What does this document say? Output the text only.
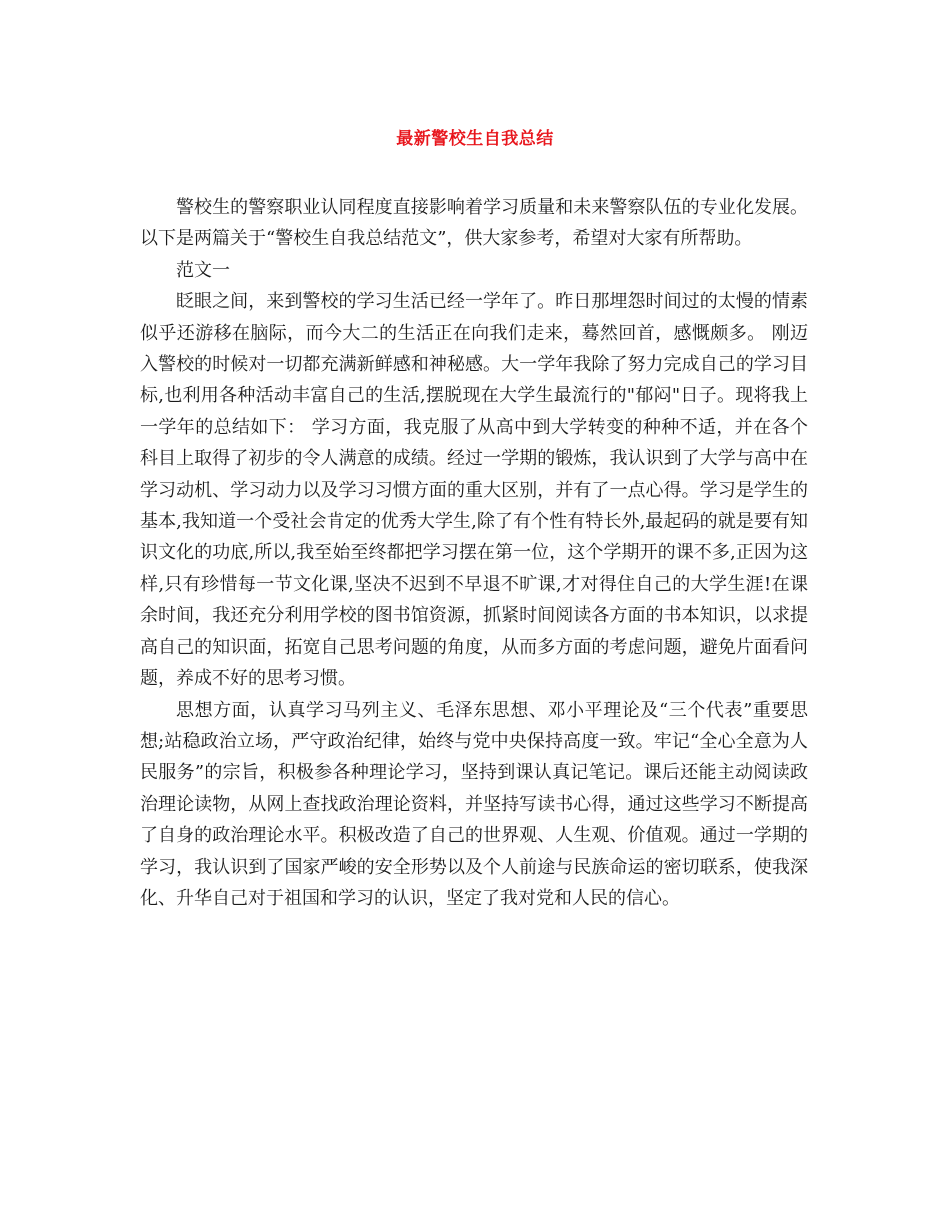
最新警校生自我总结

警校生的警察职业认同程度直接影响着学习质量和未来警察队伍的专业化发展。以下是两篇关于“警校生自我总结范文”，供大家参考，希望对大家有所帮助。

范文一

眨眼之间，来到警校的学习生活已经一学年了。昨日那埋怨时间过的太慢的情素似乎还游移在脑际，而今大二的生活正在向我们走来，蓦然回首，感慨颇多。 刚迈入警校的时候对一切都充满新鲜感和神秘感。大一学年我除了努力完成自己的学习目标,也利用各种活动丰富自己的生活,摆脱现在大学生最流行的"郁闷"日子。现将我上一学年的总结如下： 学习方面，我克服了从高中到大学转变的种种不适，并在各个科目上取得了初步的令人满意的成绩。经过一学期的锻炼，我认识到了大学与高中在学习动机、学习动力以及学习习惯方面的重大区别，并有了一点心得。学习是学生的基本,我知道一个受社会肯定的优秀大学生,除了有个性有特长外,最起码的就是要有知识文化的功底,所以,我至始至终都把学习摆在第一位，这个学期开的课不多,正因为这样,只有珍惜每一节文化课,坚决不迟到不早退不旷课,才对得住自己的大学生涯!在课余时间，我还充分利用学校的图书馆资源，抓紧时间阅读各方面的书本知识，以求提高自己的知识面，拓宽自己思考问题的角度，从而多方面的考虑问题，避免片面看问题，养成不好的思考习惯。

思想方面，认真学习马列主义、毛泽东思想、邓小平理论及“三个代表”重要思想;站稳政治立场，严守政治纪律，始终与党中央保持高度一致。牢记“全心全意为人民服务”的宗旨，积极参各种理论学习，坚持到课认真记笔记。课后还能主动阅读政治理论读物，从网上查找政治理论资料，并坚持写读书心得，通过这些学习不断提高了自身的政治理论水平。积极改造了自己的世界观、人生观、价值观。通过一学期的学习，我认识到了国家严峻的安全形势以及个人前途与民族命运的密切联系，使我深化、升华自己对于祖国和学习的认识，坚定了我对党和人民的信心。
